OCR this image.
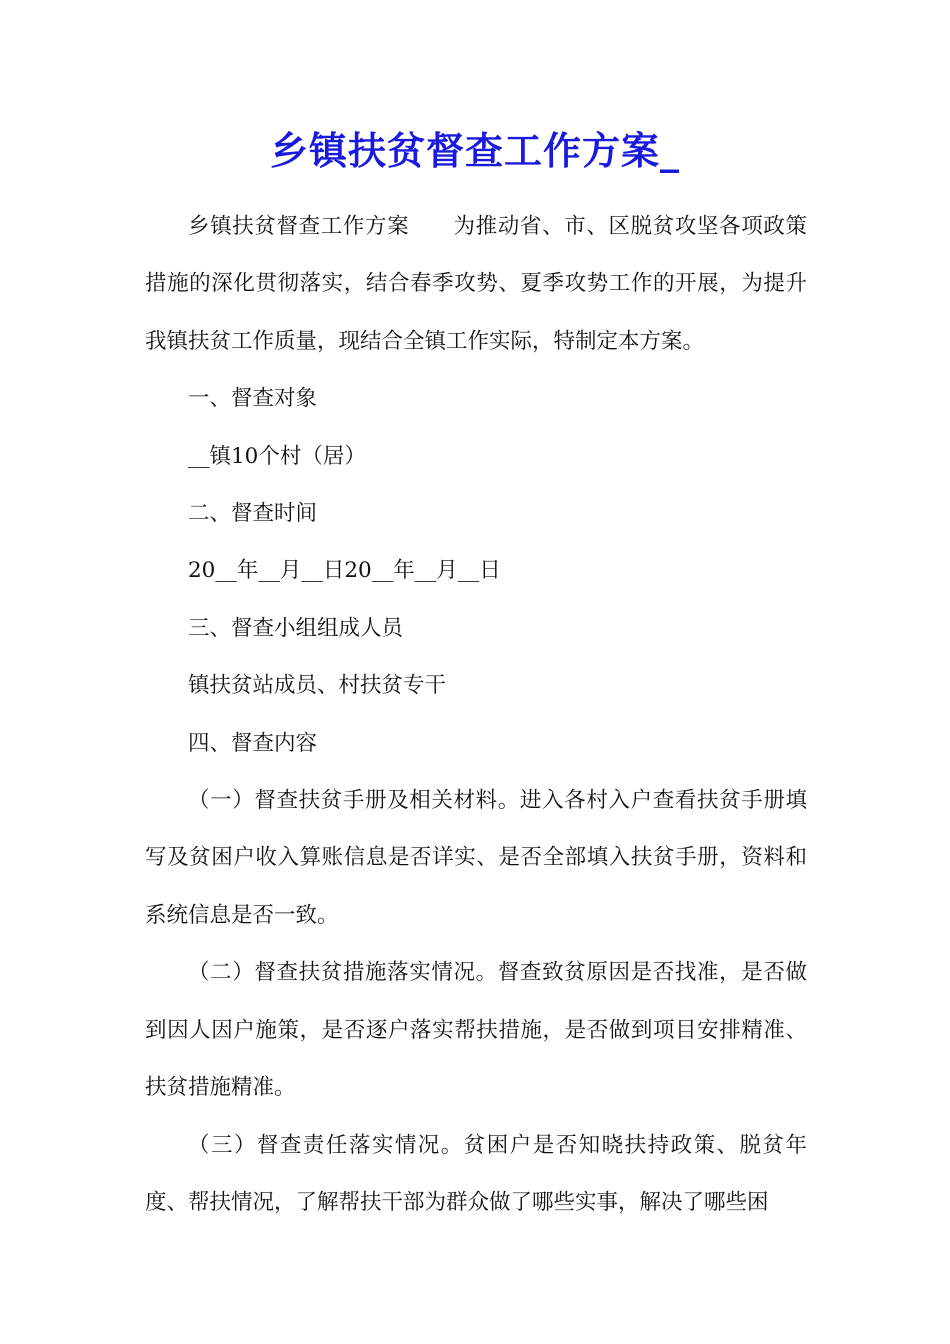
乡镇扶贫督查工作方案_

乡镇扶贫督查工作方案　　为推动省、市、区脱贫攻坚各项政策措施的深化贯彻落实，结合春季攻势、夏季攻势工作的开展，为提升我镇扶贫工作质量，现结合全镇工作实际，特制定本方案。

一、督查对象

__镇10个村（居）

二、督查时间

20__年__月__日20__年__月__日

三、督查小组组成人员

镇扶贫站成员、村扶贫专干

四、督查内容

（一）督查扶贫手册及相关材料。进入各村入户查看扶贫手册填写及贫困户收入算账信息是否详实、是否全部填入扶贫手册，资料和系统信息是否一致。

（二）督查扶贫措施落实情况。督查致贫原因是否找准，是否做到因人因户施策，是否逐户落实帮扶措施，是否做到项目安排精准、扶贫措施精准。

（三）督查责任落实情况。贫困户是否知晓扶持政策、脱贫年度、帮扶情况，了解帮扶干部为群众做了哪些实事，解决了哪些困
